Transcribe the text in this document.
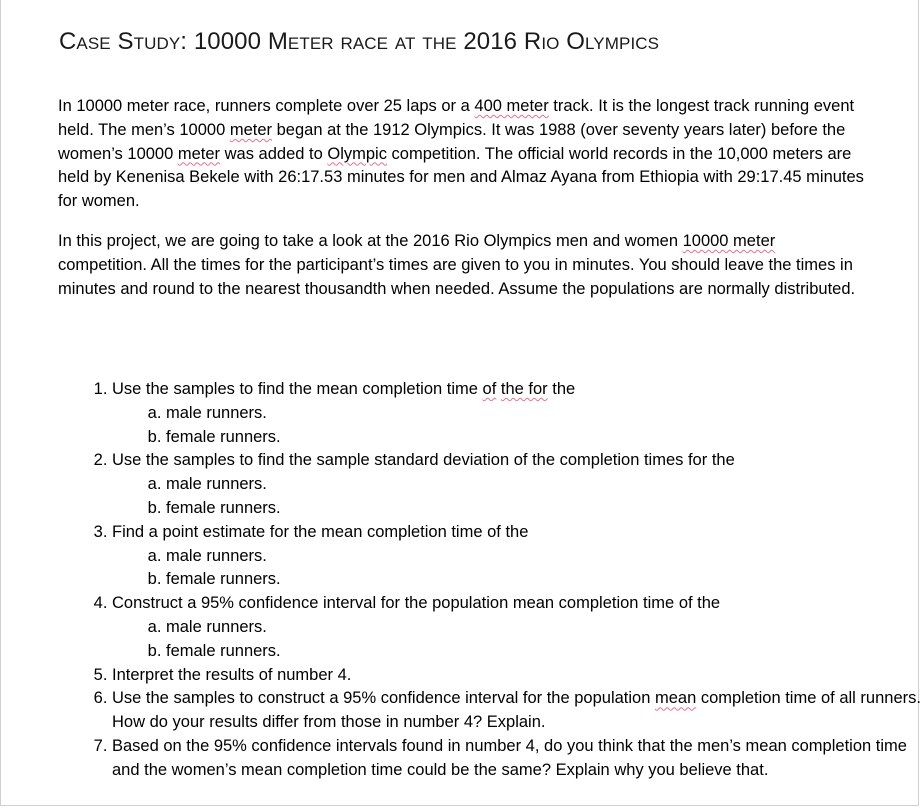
Case Study: 10000 Meter race at the 2016 Rio Olympics

In 10000 meter race, runners complete over 25 laps or a 400 meter track. It is the longest track running event held. The men’s 10000 meter began at the 1912 Olympics. It was 1988 (over seventy years later) before the women’s 10000 meter was added to Olympic competition. The official world records in the 10,000 meters are held by Kenenisa Bekele with 26:17.53 minutes for men and Almaz Ayana from Ethiopia with 29:17.45 minutes for women.

In this project, we are going to take a look at the 2016 Rio Olympics men and women 10000 meter competition. All the times for the participant’s times are given to you in minutes. You should leave the times in minutes and round to the nearest thousandth when needed. Assume the populations are normally distributed.

1. Use the samples to find the mean completion time of the for the
a. male runners.
b. female runners.
2. Use the samples to find the sample standard deviation of the completion times for the
a. male runners.
b. female runners.
3. Find a point estimate for the mean completion time of the
a. male runners.
b. female runners.
4. Construct a 95% confidence interval for the population mean completion time of the
a. male runners.
b. female runners.
5. Interpret the results of number 4.
6. Use the samples to construct a 95% confidence interval for the population mean completion time of all runners. How do your results differ from those in number 4? Explain.
7. Based on the 95% confidence intervals found in number 4, do you think that the men’s mean completion time and the women’s mean completion time could be the same? Explain why you believe that.
